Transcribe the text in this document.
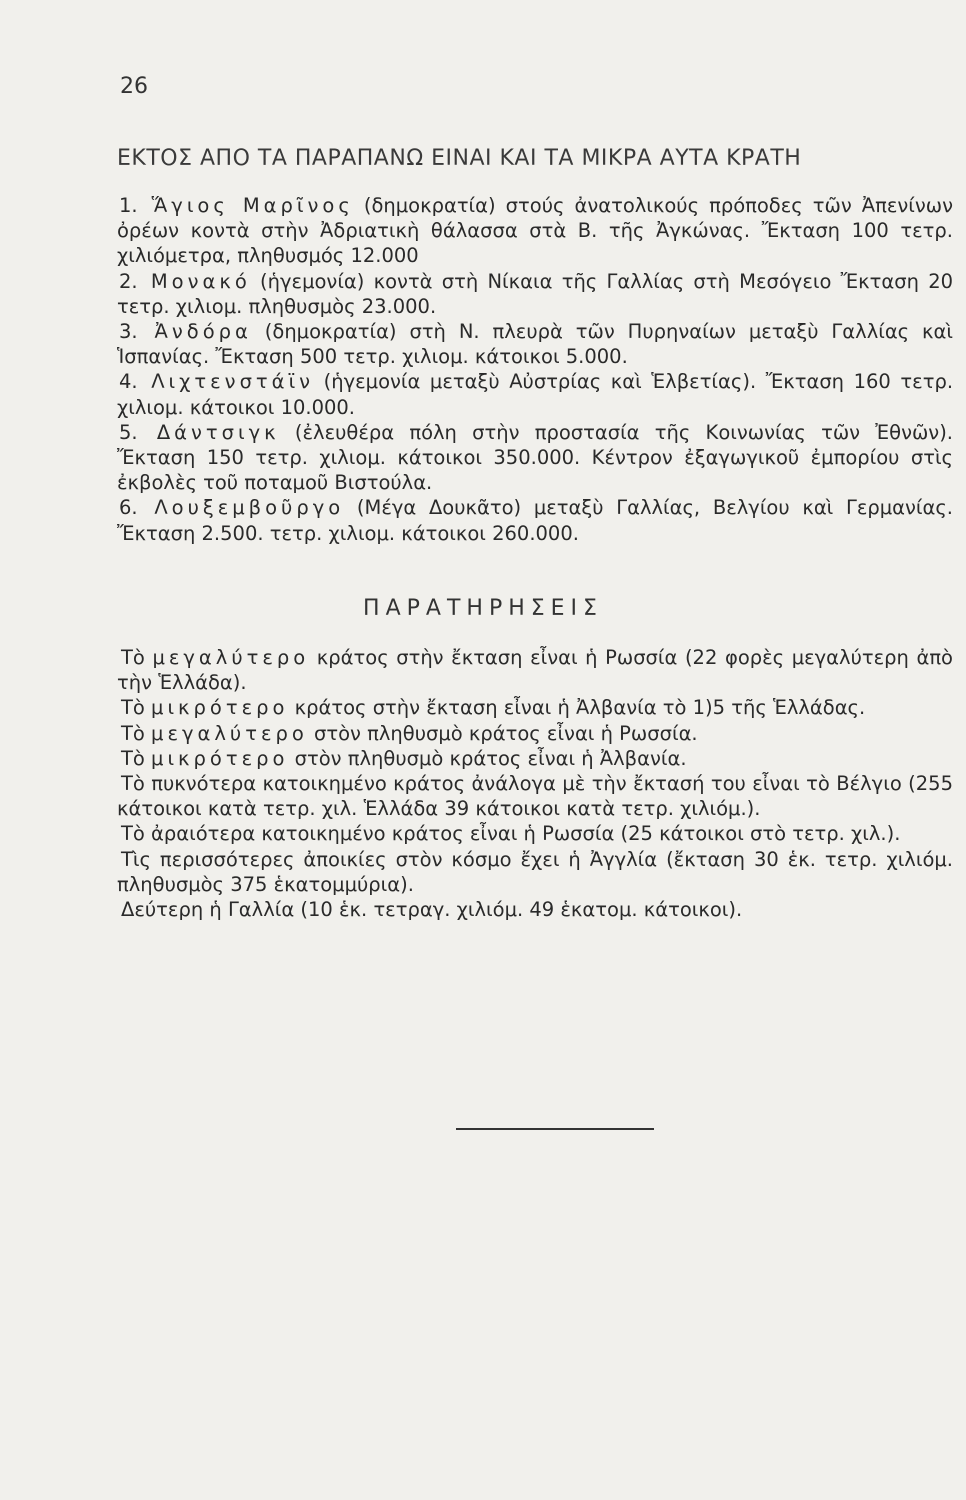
26
ΕΚΤΟΣ ΑΠΟ ΤΑ ΠΑΡΑΠΑΝΩ ΕΙΝΑΙ ΚΑΙ ΤΑ ΜΙΚΡΑ ΑΥΤΑ ΚΡΑΤΗ

1. Ἅγιος Μαρῖνος (δημοκρατία) στούς ἀνατολικούς πρόποδες τῶν Ἀπενίνων ὀρέων κοντὰ στὴν Ἀδριατικὴ θάλασσα στὰ Β. τῆς Ἀγκώνας. Ἔκταση 100 τετρ. χιλιόμετρα, πληθυσμός 12.000

2. Μονακό (ἡγεμονία) κοντὰ στὴ Νίκαια τῆς Γαλλίας στὴ Μεσόγειο Ἔκταση 20 τετρ. χιλιομ. πληθυσμὸς 23.000.

3. Ἀνδόρα (δημοκρατία) στὴ Ν. πλευρὰ τῶν Πυρηναίων μεταξὺ Γαλλίας καὶ Ἱσπανίας. Ἔκταση 500 τετρ. χιλιομ. κάτοικοι 5.000.

4. Λιχτενστάϊν (ἡγεμονία μεταξὺ Αὐστρίας καὶ Ἑλβετίας). Ἔκταση 160 τετρ. χιλιομ. κάτοικοι 10.000.

5. Δάντσιγκ (ἐλευθέρα πόλη στὴν προστασία τῆς Κοινωνίας τῶν Ἐθνῶν). Ἔκταση 150 τετρ. χιλιομ. κάτοικοι 350.000. Κέντρον ἐξαγωγικοῦ ἐμπορίου στὶς ἐκβολὲς τοῦ ποταμοῦ Βιστούλα.

6. Λουξεμβοῦργο (Μέγα Δουκᾶτο) μεταξὺ Γαλλίας, Βελγίου καὶ Γερμανίας. Ἔκταση 2.500. τετρ. χιλιομ. κάτοικοι 260.000.

ΠΑΡΑΤΗΡΗΣΕΙΣ

Τὸ μεγαλύτερο κράτος στὴν ἔκταση εἶναι ἡ Ρωσσία (22 φορὲς μεγαλύτερη ἀπὸ τὴν Ἑλλάδα).

Τὸ μικρότερο κράτος στὴν ἔκταση εἶναι ἡ Ἀλβανία τὸ 1)5 τῆς Ἑλλάδας.

Τὸ μεγαλύτερο στὸν πληθυσμὸ κράτος εἶναι ἡ Ρωσσία.

Τὸ μικρότερο στὸν πληθυσμὸ κράτος εἶναι ἡ Ἀλβανία.

Τὸ πυκνότερα κατοικημένο κράτος ἀνάλογα μὲ τὴν ἔκτασή του εἶναι τὸ Βέλγιο (255 κάτοικοι κατὰ τετρ. χιλ. Ἑλλάδα 39 κάτοικοι κατὰ τετρ. χιλιόμ.).

Τὸ ἀραιότερα κατοικημένο κράτος εἶναι ἡ Ρωσσία (25 κάτοικοι στὸ τετρ. χιλ.).

Τὶς περισσότερες ἀποικίες στὸν κόσμο ἔχει ἡ Ἀγγλία (ἔκταση 30 ἑκ. τετρ. χιλιόμ. πληθυσμὸς 375 ἑκατομμύρια).

Δεύτερη ἡ Γαλλία (10 ἑκ. τετραγ. χιλιόμ. 49 ἑκατομ. κάτοικοι).
